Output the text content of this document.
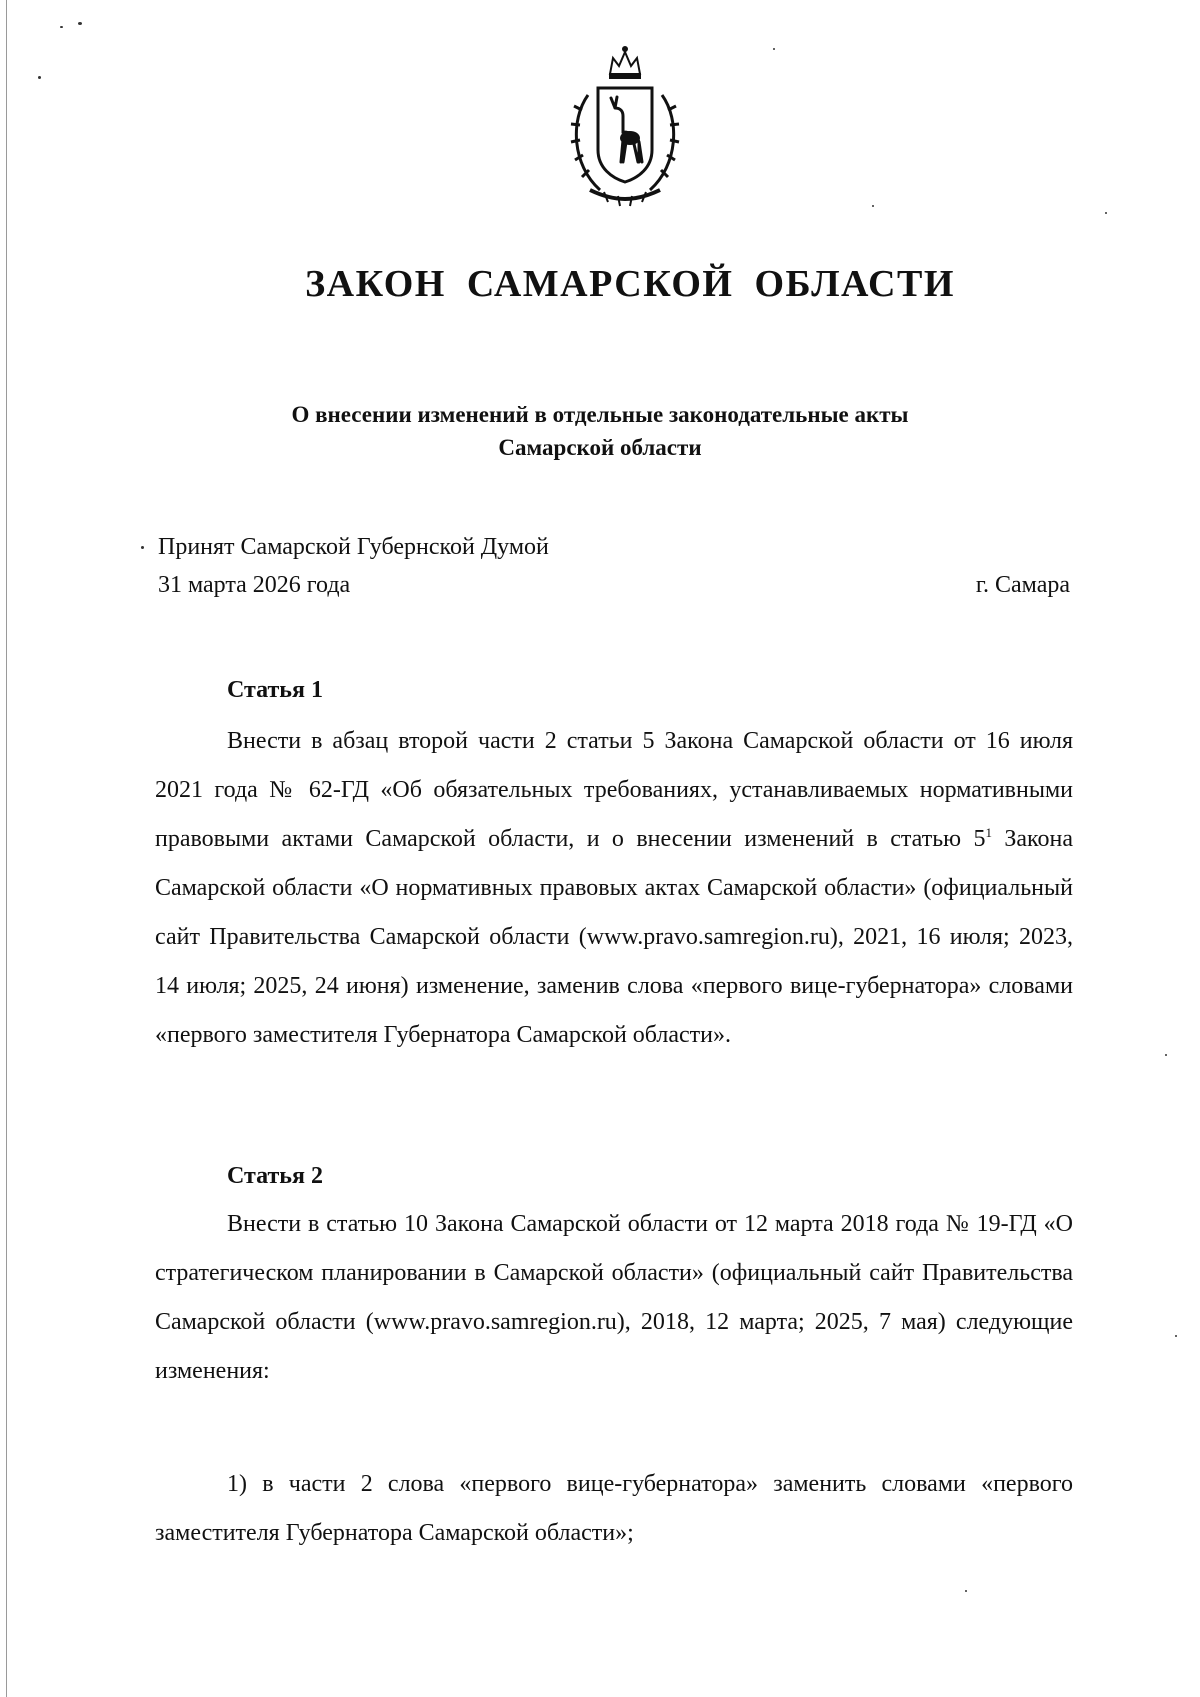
ЗАКОН САМАРСКОЙ ОБЛАСТИ
О внесении изменений в отдельные законодательные акты
Самарской области
Принят Самарской Губернской Думой
31 марта 2026 года	г. Самара
Статья 1
Внести в абзац второй части 2 статьи 5 Закона Самарской области от 16 июля 2021 года № 62-ГД «Об обязательных требованиях, устанавливаемых нормативными правовыми актами Самарской области, и о внесении изменений в статью $5^1$ Закона Самарской области «О нормативных правовых актах Самарской области» (официальный сайт Правительства Самарской области (www.pravo.samregion.ru), 2021, 16 июля; 2023, 14 июля; 2025, 24 июня) изменение, заменив слова «первого вице-губернатора» словами «первого заместителя Губернатора Самарской области».
Статья 2
Внести в статью 10 Закона Самарской области от 12 марта 2018 года № 19-ГД «О стратегическом планировании в Самарской области» (официальный сайт Правительства Самарской области (www.pravo.samregion.ru), 2018, 12 марта; 2025, 7 мая) следующие изменения:
1) в части 2 слова «первого вице-губернатора» заменить словами «первого заместителя Губернатора Самарской области»;
